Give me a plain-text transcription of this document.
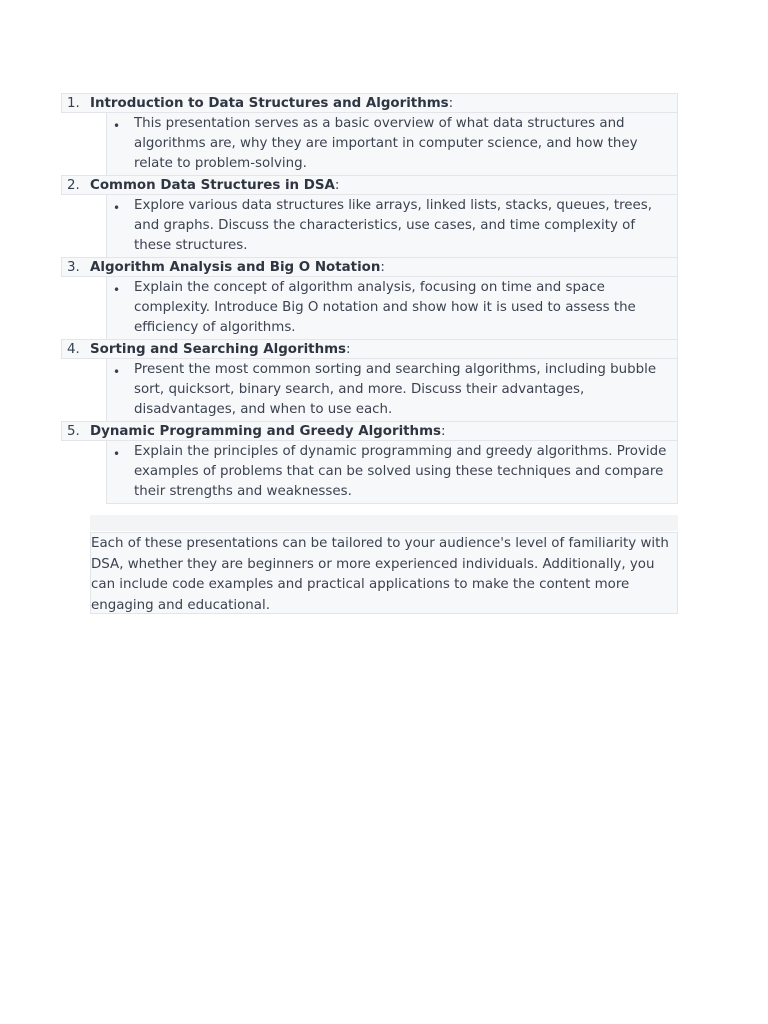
1. Introduction to Data Structures and Algorithms:
• This presentation serves as a basic overview of what data structures and algorithms are, why they are important in computer science, and how they relate to problem-solving.
2. Common Data Structures in DSA:
• Explore various data structures like arrays, linked lists, stacks, queues, trees, and graphs. Discuss the characteristics, use cases, and time complexity of these structures.
3. Algorithm Analysis and Big O Notation:
• Explain the concept of algorithm analysis, focusing on time and space complexity. Introduce Big O notation and show how it is used to assess the efficiency of algorithms.
4. Sorting and Searching Algorithms:
• Present the most common sorting and searching algorithms, including bubble sort, quicksort, binary search, and more. Discuss their advantages, disadvantages, and when to use each.
5. Dynamic Programming and Greedy Algorithms:
• Explain the principles of dynamic programming and greedy algorithms. Provide examples of problems that can be solved using these techniques and compare their strengths and weaknesses.
Each of these presentations can be tailored to your audience's level of familiarity with DSA, whether they are beginners or more experienced individuals. Additionally, you can include code examples and practical applications to make the content more engaging and educational.
